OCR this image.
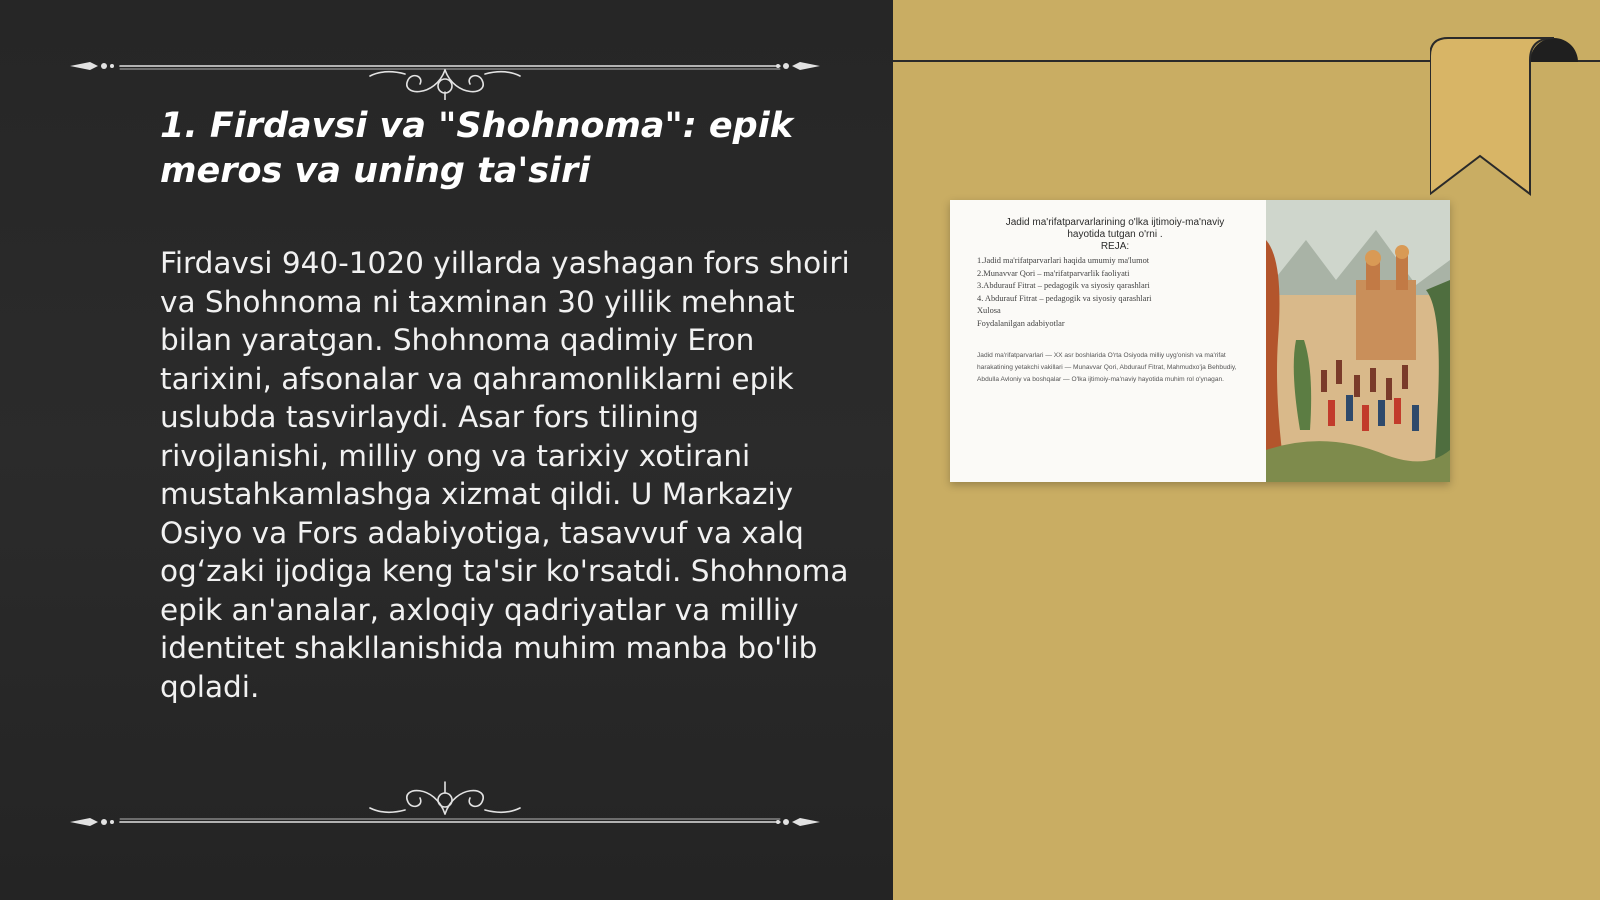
1. Firdavsi va "Shohnoma": epik meros va uning ta'siri

Firdavsi 940-1020 yillarda yashagan fors shoiri va Shohnoma ni taxminan 30 yillik mehnat bilan yaratgan. Shohnoma qadimiy Eron tarixini, afsonalar va qahramonliklarni epik uslubda tasvirlaydi. Asar fors tilining rivojlanishi, milliy ong va tarixiy xotirani mustahkamlashga xizmat qildi. U Markaziy Osiyo va Fors adabiyotiga, tasavvuf va xalq og‘zaki ijodiga keng ta'sir ko'rsatdi. Shohnoma epik an'analar, axloqiy qadriyatlar va milliy identitet shakllanishida muhim manba bo'lib qoladi.

Jadid ma'rifatparvarlarining o'lka ijtimoiy-ma'naviy
hayotida tutgan o'rni .
REJA:
1.Jadid ma'rifatparvarlari haqida umumiy ma'lumot
2.Munavvar Qori – ma'rifatparvarlik faoliyati
3.Abdurauf Fitrat – pedagogik va siyosiy qarashlari
4. Abdurauf Fitrat – pedagogik va siyosiy qarashlari
Xulosa
Foydalanilgan adabiyotlar
Jadid ma'rifatparvarlari — XX asr boshlarida O'rta Osiyoda milliy uyg'onish va ma'rifat harakatining yetakchi vakillari — Munavvar Qori, Abdurauf Fitrat, Mahmudxo'ja Behbudiy, Abdulla Avloniy va boshqalar — O'lka ijtimoiy-ma'naviy hayotida muhim rol o'ynagan.
